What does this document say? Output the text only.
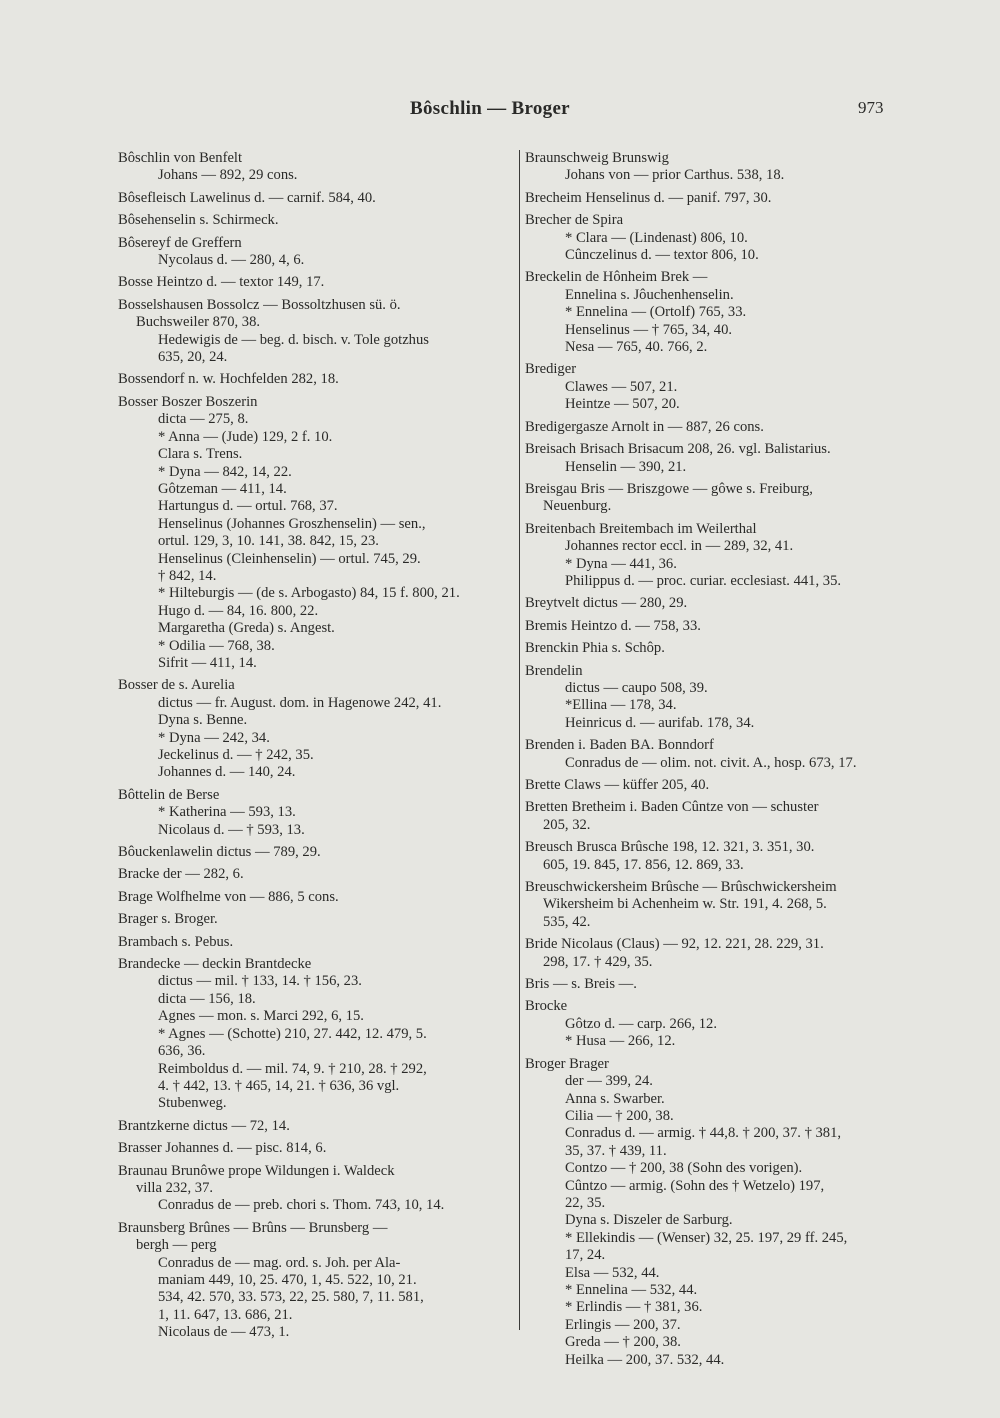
Bôschlin — Broger	973
Bôschlin von Benfelt
Johans — 892, 29 cons.
Bôsefleisch Lawelinus d. — carnif. 584, 40.
Bôsehenselin s. Schirmeck.
Bôsereyf de Greffern
Nycolaus d. — 280, 4, 6.
Bosse Heintzo d. — textor 149, 17.
Bosselshausen Bossolcz — Bossoltzhusen sü. ö.
Buchsweiler 870, 38.
Hedewigis de — beg. d. bisch. v. Tole gotzhus
635, 20, 24.
Bossendorf n. w. Hochfelden 282, 18.
Bosser Boszer Boszerin
dicta — 275, 8.
* Anna — (Jude) 129, 2 f. 10.
Clara s. Trens.
* Dyna — 842, 14, 22.
Gôtzeman — 411, 14.
Hartungus d. — ortul. 768, 37.
Henselinus (Johannes Groszhenselin) — sen.,
ortul. 129, 3, 10. 141, 38. 842, 15, 23.
Henselinus (Cleinhenselin) — ortul. 745, 29.
† 842, 14.
* Hilteburgis — (de s. Arbogasto) 84, 15 f. 800, 21.
Hugo d. — 84, 16. 800, 22.
Margaretha (Greda) s. Angest.
* Odilia — 768, 38.
Sifrit — 411, 14.
Bosser de s. Aurelia
dictus — fr. August. dom. in Hagenowe 242, 41.
Dyna s. Benne.
* Dyna — 242, 34.
Jeckelinus d. — † 242, 35.
Johannes d. — 140, 24.
Bôttelin de Berse
* Katherina — 593, 13.
Nicolaus d. — † 593, 13.
Bôuckenlawelin dictus — 789, 29.
Bracke der — 282, 6.
Brage Wolfhelme von — 886, 5 cons.
Brager s. Broger.
Brambach s. Pebus.
Brandecke — deckin Brantdecke
dictus — mil. † 133, 14. † 156, 23.
dicta — 156, 18.
Agnes — mon. s. Marci 292, 6, 15.
* Agnes — (Schotte) 210, 27. 442, 12. 479, 5.
636, 36.
Reimboldus d. — mil. 74, 9. † 210, 28. † 292,
4. † 442, 13. † 465, 14, 21. † 636, 36 vgl.
Stubenweg.
Brantzkerne dictus — 72, 14.
Brasser Johannes d. — pisc. 814, 6.
Braunau Brunôwe prope Wildungen i. Waldeck
villa 232, 37.
Conradus de — preb. chori s. Thom. 743, 10, 14.
Braunsberg Brûnes — Brûns — Brunsberg —
bergh — perg
Conradus de — mag. ord. s. Joh. per Ala-
maniam 449, 10, 25. 470, 1, 45. 522, 10, 21.
534, 42. 570, 33. 573, 22, 25. 580, 7, 11. 581,
1, 11. 647, 13. 686, 21.
Nicolaus de — 473, 1.
Braunschweig Brunswig
Johans von — prior Carthus. 538, 18.
Brecheim Henselinus d. — panif. 797, 30.
Brecher de Spira
* Clara — (Lindenast) 806, 10.
Cûnczelinus d. — textor 806, 10.
Breckelin de Hônheim Brek —
Ennelina s. Jôuchenhenselin.
* Ennelina — (Ortolf) 765, 33.
Henselinus — † 765, 34, 40.
Nesa — 765, 40. 766, 2.
Brediger
Clawes — 507, 21.
Heintze — 507, 20.
Bredigergasze Arnolt in — 887, 26 cons.
Breisach Brisach Brisacum 208, 26. vgl. Balistarius.
Henselin — 390, 21.
Breisgau Bris — Briszgowe — gôwe s. Freiburg,
Neuenburg.
Breitenbach Breitembach im Weilerthal
Johannes rector eccl. in — 289, 32, 41.
* Dyna — 441, 36.
Philippus d. — proc. curiar. ecclesiast. 441, 35.
Breytvelt dictus — 280, 29.
Bremis Heintzo d. — 758, 33.
Brenckin Phia s. Schôp.
Brendelin
dictus — caupo 508, 39.
*Ellina — 178, 34.
Heinricus d. — aurifab. 178, 34.
Brenden i. Baden BA. Bonndorf
Conradus de — olim. not. civit. A., hosp. 673, 17.
Brette Claws — küffer 205, 40.
Bretten Bretheim i. Baden Cûntze von — schuster
205, 32.
Breusch Brusca Brûsche 198, 12. 321, 3. 351, 30.
605, 19. 845, 17. 856, 12. 869, 33.
Breuschwickersheim Brûsche — Brûschwickersheim
Wikersheim bi Achenheim w. Str. 191, 4. 268, 5.
535, 42.
Bride Nicolaus (Claus) — 92, 12. 221, 28. 229, 31.
298, 17. † 429, 35.
Bris — s. Breis —.
Brocke
Gôtzo d. — carp. 266, 12.
* Husa — 266, 12.
Broger Brager
der — 399, 24.
Anna s. Swarber.
Cilia — † 200, 38.
Conradus d. — armig. † 44,8. † 200, 37. † 381,
35, 37. † 439, 11.
Contzo — † 200, 38 (Sohn des vorigen).
Cûntzo — armig. (Sohn des † Wetzelo) 197,
22, 35.
Dyna s. Diszeler de Sarburg.
* Ellekindis — (Wenser) 32, 25. 197, 29 ff. 245,
17, 24.
Elsa — 532, 44.
* Ennelina — 532, 44.
* Erlindis — † 381, 36.
Erlingis — 200, 37.
Greda — † 200, 38.
Heilka — 200, 37. 532, 44.
